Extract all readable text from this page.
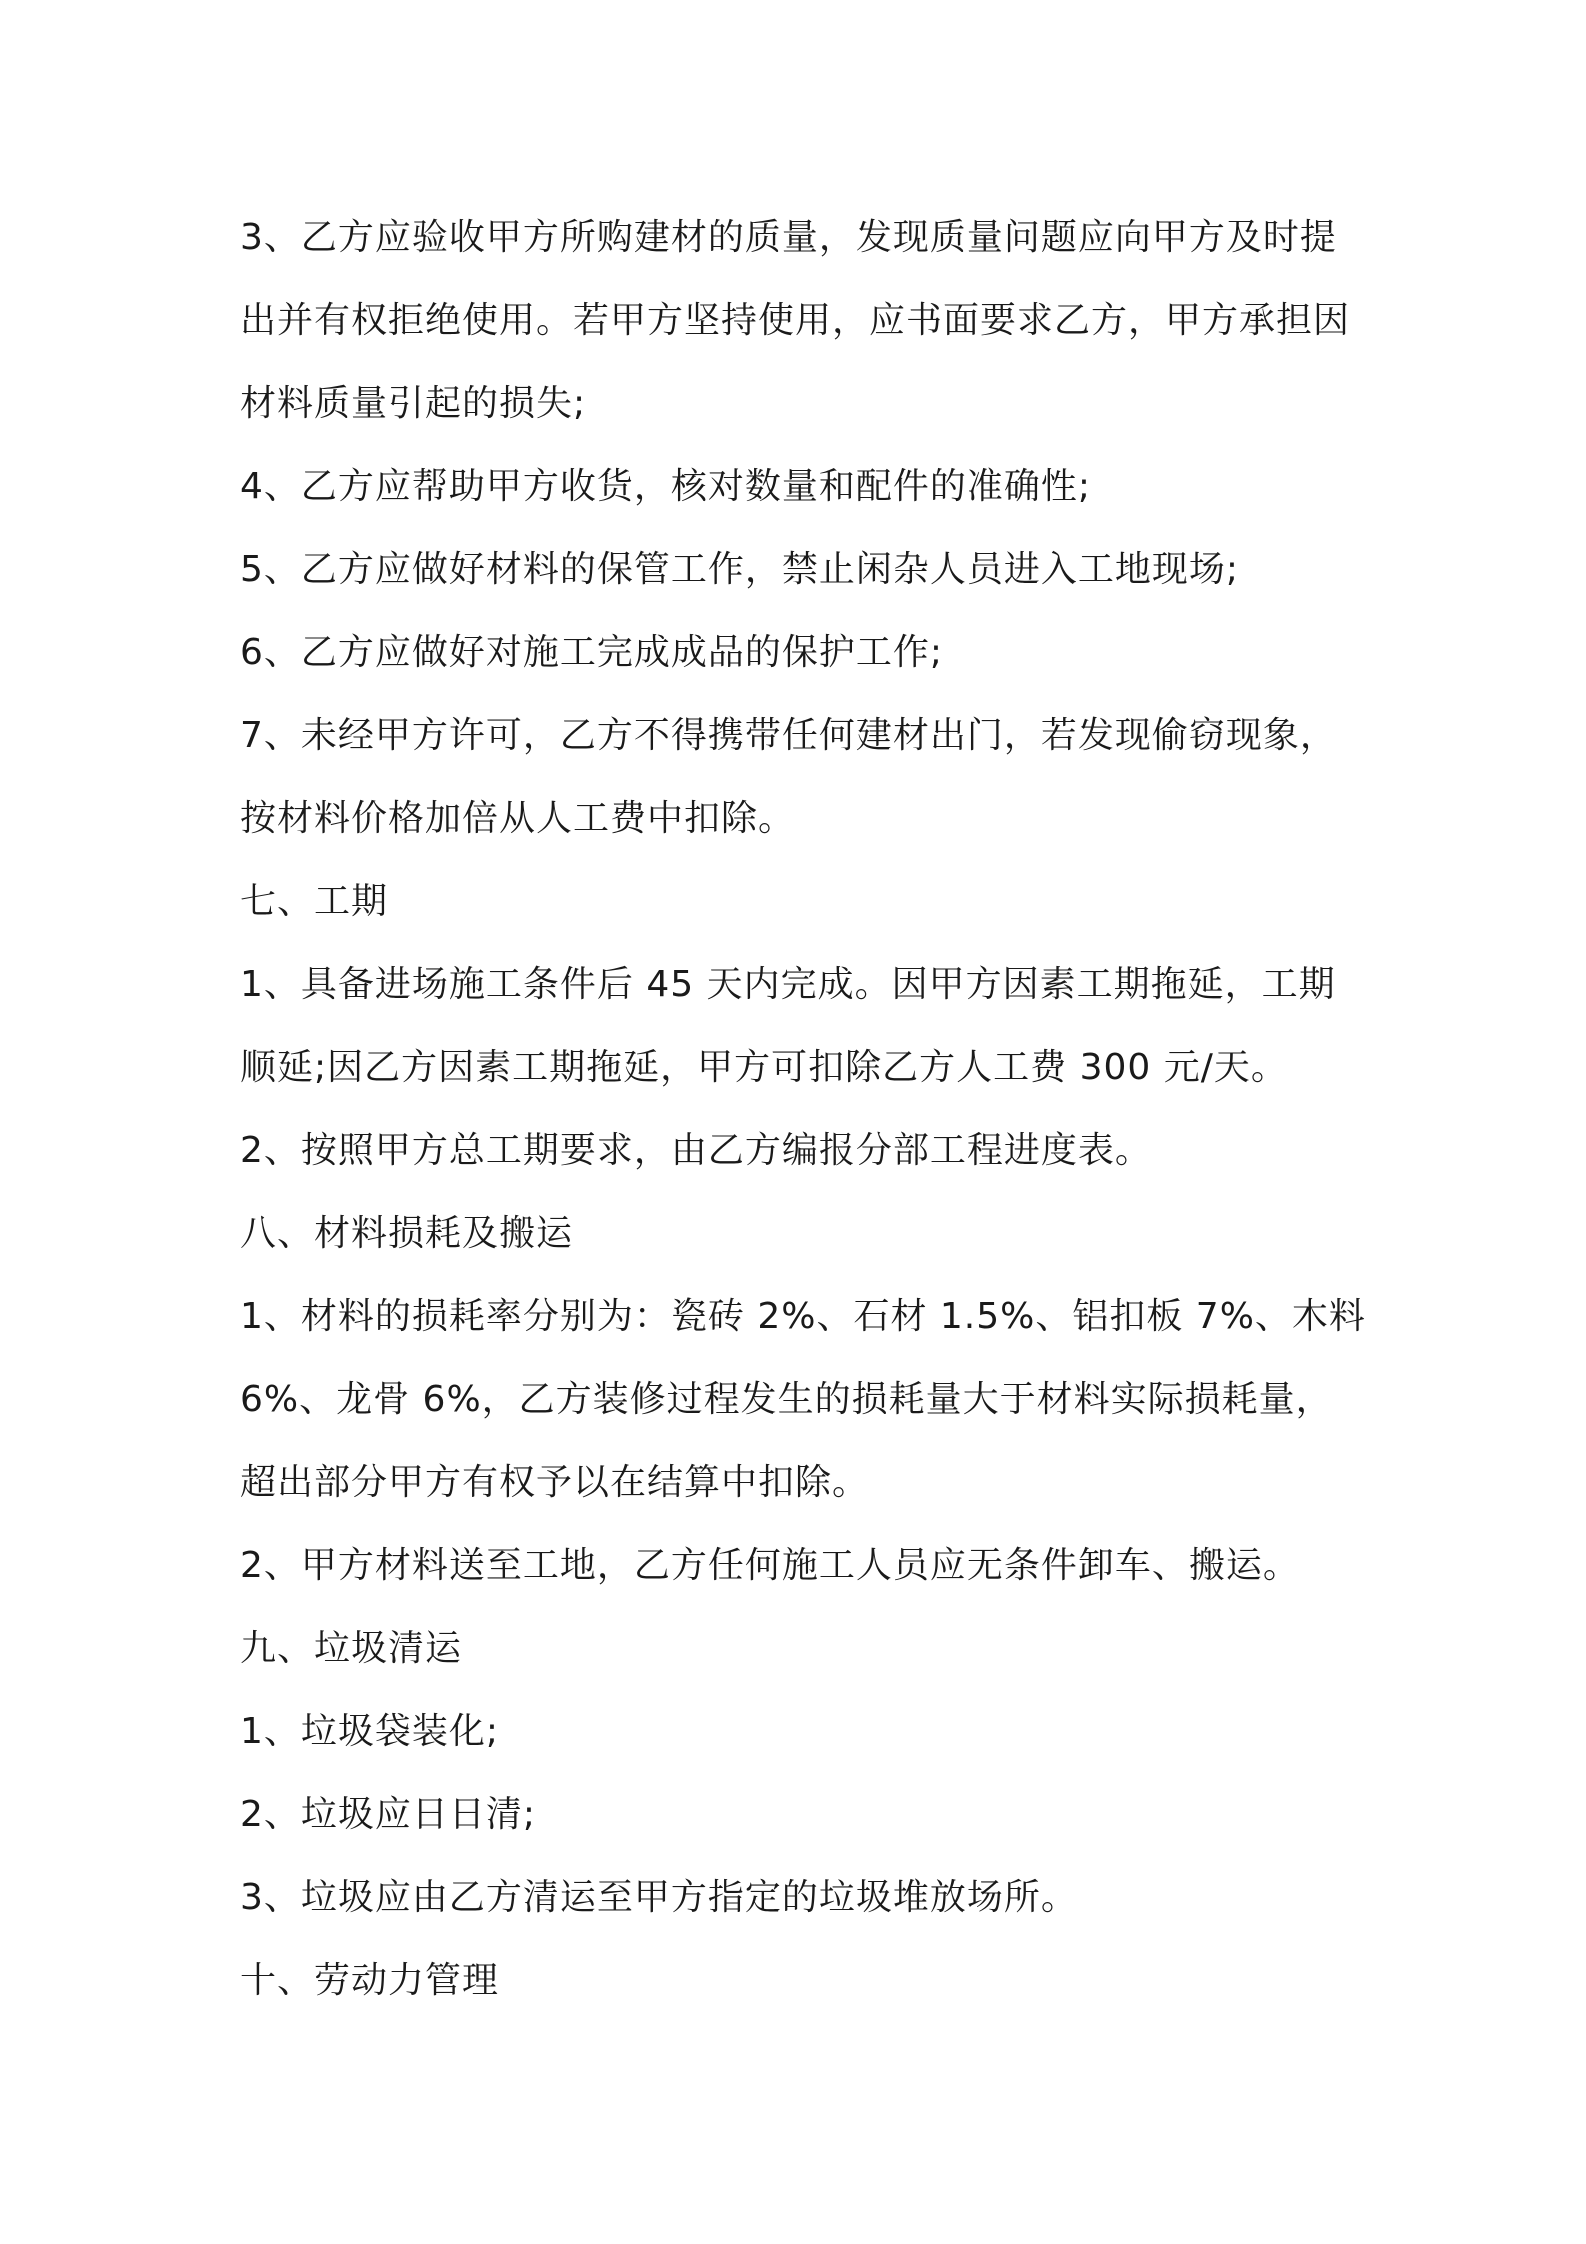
3、乙方应验收甲方所购建材的质量，发现质量问题应向甲方及时提
出并有权拒绝使用。若甲方坚持使用，应书面要求乙方，甲方承担因
材料质量引起的损失;
4、乙方应帮助甲方收货，核对数量和配件的准确性;
5、乙方应做好材料的保管工作，禁止闲杂人员进入工地现场;
6、乙方应做好对施工完成成品的保护工作;
7、未经甲方许可，乙方不得携带任何建材出门，若发现偷窃现象，
按材料价格加倍从人工费中扣除。
七、工期
1、具备进场施工条件后 45 天内完成。因甲方因素工期拖延，工期
顺延;因乙方因素工期拖延，甲方可扣除乙方人工费 300 元/天。
2、按照甲方总工期要求，由乙方编报分部工程进度表。
八、材料损耗及搬运
1、材料的损耗率分别为：瓷砖 2%、石材 1.5%、铝扣板 7%、木料
6%、龙骨 6%，乙方装修过程发生的损耗量大于材料实际损耗量，
超出部分甲方有权予以在结算中扣除。
2、甲方材料送至工地，乙方任何施工人员应无条件卸车、搬运。
九、垃圾清运
1、垃圾袋装化;
2、垃圾应日日清;
3、垃圾应由乙方清运至甲方指定的垃圾堆放场所。
十、劳动力管理
